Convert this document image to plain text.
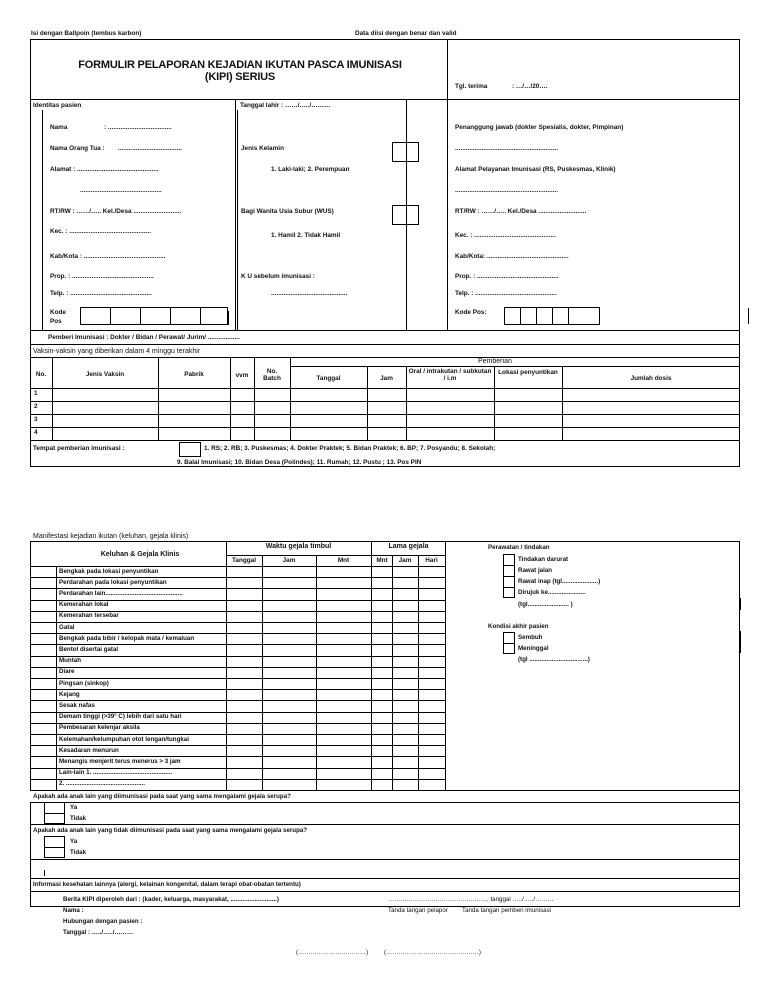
Isi dengan Ballpoin (tembus karbon)	Data diisi dengan benar dan valid
FORMULIR PELAPORAN KEJADIAN IKUTAN PASCA IMUNISASI
(KIPI) SERIUS
Tgl. terima	: …/…/20….
Identitas pasien
Nama	: ....................................
Nama Orang Tua : ....................................
Alamat : ..............................................
..............................................
RT/RW : ……/….. Kel./Desa ...........................
Kec. : ..............................................
Kab/Kota : ..............................................
Prop. : ..............................................
Telp. : ..............................................
Kode
Pos
Tanggal lahir : ……/…../………
Jenis Kelamin
1. Laki-laki; 2. Perempuan
Bagi Wanita Usia Subur (WUS)
1. Hamil 2. Tidak Hamil
K U sebelum imunisasi :
...........................................
Penanggung jawab (dokter Spesialis, dokter, Pimpinan)
..........................................................
Alamat Pelayanan Imunisasi (RS, Puskesmas, Klinik)
..........................................................
RT/RW : ……/….. Kel./Desa ...........................
Kec. : ..............................................
Kab/Kota: ..............................................
Prop. : ..............................................
Telp. : ..............................................
Kode Pos:
Pemberi Imunisasi : Dokter / Bidan / Perawat/ Jurim/ ..................
Vaksin-vaksin yang diberikan dalam 4 minggu terakhir
Pemberian
No.	Jenis Vaksin	Pabrik	vvm
No. Batch	Tanggal	Jam
Oral / intrakutan / subkutan / i.m
Lokasi penyuntikan
Jumlah dosis
1
2
3
4
Tempat pemberian imunisasi :	1. RS; 2. RB; 3. Puskesmas; 4. Dokter Praktek; 5. Bidan Praktek; 6. BP; 7. Posyandu; 8. Sekolah;
9. Balai Imunisasi; 10. Bidan Desa (Polindes); 11. Rumah; 12. Pustu ; 13. Pos PIN
Manifestasi kejadian ikutan (keluhan, gejala klinis)
Keluhan & Gejala Klinis
Waktu gejala timbul	Lama gejala
Tanggal	Jam	Mnt	Mnt	Jam	Hari
Bengkak pada lokasi penyuntikan
Perdarahan pada lokasi penyuntikan
Perdarahan lain.............................................
Kemerahan lokal
Kemerahan tersebar
Gatal
Bengkak pada bibir / kelopak mata / kemaluan
Bentol disertai gatal
Muntah
Diare
Pingsan (sinkop)
Kejang
Sesak nafas
Demam tinggi (>39° C) lebih dari satu hari
Pembesaran kelenjar aksila
Kelemahan/kelumpuhan otot lengan/tungkai
Kesadaran menurun
Menangis menjerit terus menerus > 3 jam
Lain-lain 1. ..............................................
2. ..............................................
Perawatan / tindakan
Tindakan darurat
Rawat jalan
Rawat inap (tgl.....................)
Dirujuk ke......................
(tgl........................ )
Kondisi akhir pasien
Sembuh
Meninggal
(tgl ..................................)
Apakah ada anak lain yang diimunisasi pada saat yang sama mengalami gejala serupa?
Ya
Tidak
Apakah ada anak lain yang tidak diimunisasi pada saat yang sama mengalami gejala serupa?
Ya
Tidak
Informasi kesehatan lainnya (alergi, kelainan kongenital, dalam terapi obat-obatan tertentu)
Berita KIPI diperoleh dari : (kader, keluarga, masyarakat, ...........................)
Nama :
Hubungan dengan pasien :
Tanggal : …../…../………
…………………………………………, tanggal …../…../………
Tanda tangan pelapor Tanda tangan pemberi imunisasi
(……………………………)	(………………………………………)
